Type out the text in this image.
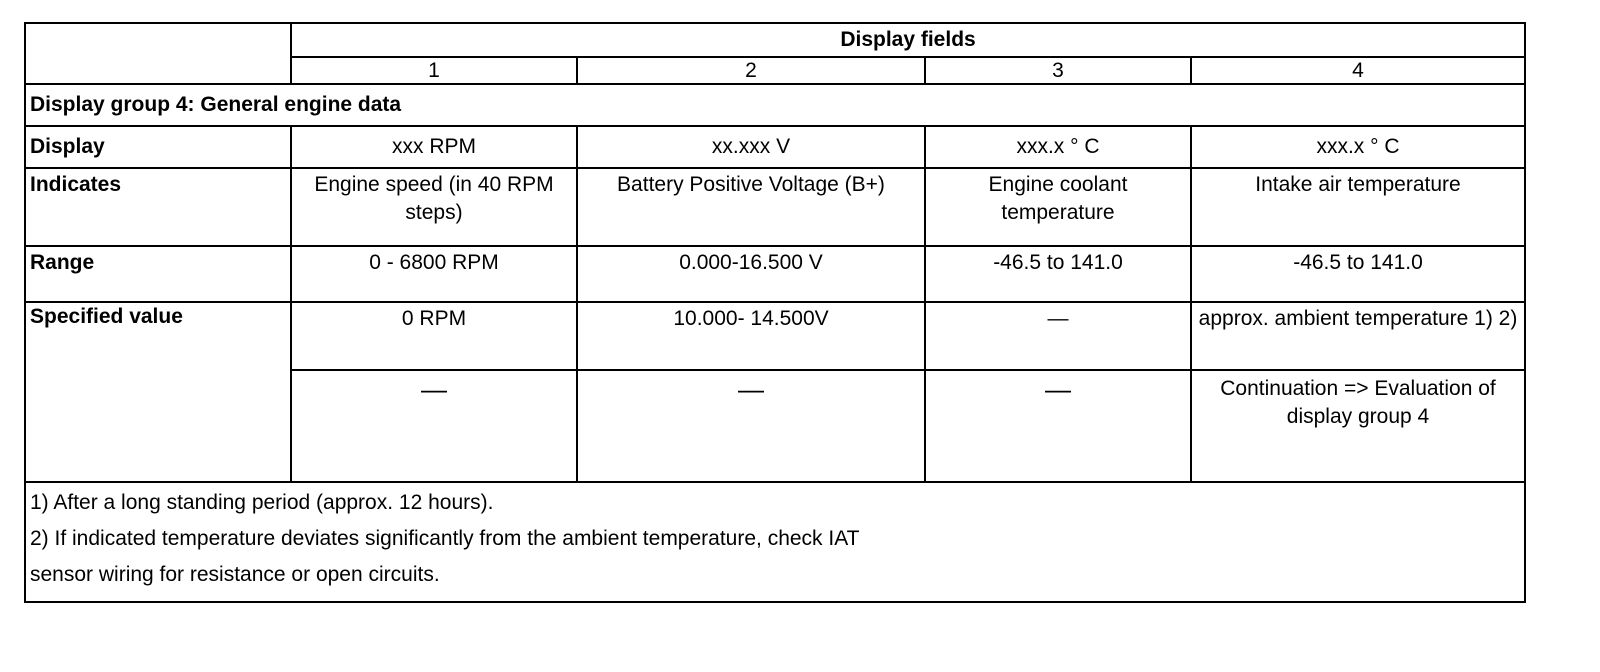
	Display fields			
	1	2	3	4
Display group 4: General engine data				
Display	xxx RPM	xx.xxx V	xxx.x ° C	xxx.x ° C
Indicates	Engine speed (in 40 RPM steps)	Battery Positive Voltage (B+)	Engine coolant temperature	Intake air temperature
Range	0 - 6800 RPM	0.000-16.500 V	-46.5 to 141.0	-46.5 to 141.0
Specified value	0 RPM	10.000- 14.500V	—	approx. ambient temperature 1) 2)
	—	—	—	Continuation => Evaluation of display group 4

1) After a long standing period (approx. 12 hours).
2) If indicated temperature deviates significantly from the ambient temperature, check IAT
sensor wiring for resistance or open circuits.				
